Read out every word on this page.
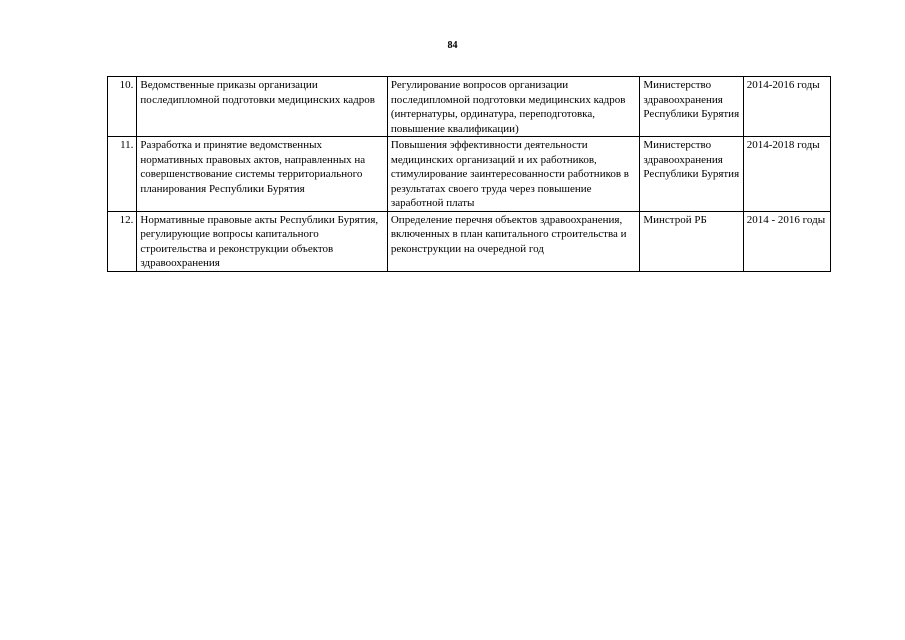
84
10.	Ведомственные приказы организации последипломной подготовки медицинских кадров	Регулирование вопросов организации последипломной подготовки медицинских кадров (интернатуры, ординатура, переподготовка, повышение квалификации)	Министерство здравоохранения Республики Бурятия	2014-2016 годы
11.	Разработка и принятие ведомственных нормативных правовых актов, направленных на совершенствование системы территориального планирования Республики Бурятия	Повышения эффективности деятельности медицинских организаций и их работников, стимулирование заинтересованности работников в результатах своего труда через повышение заработной платы	Министерство здравоохранения Республики Бурятия	2014-2018 годы
12.	Нормативные правовые акты Республики Бурятия, регулирующие вопросы капитального строительства и реконструкции объектов здравоохранения	Определение перечня объектов здравоохранения, включенных в план капитального строительства и реконструкции на очередной год	Минстрой РБ	2014 - 2016 годы
